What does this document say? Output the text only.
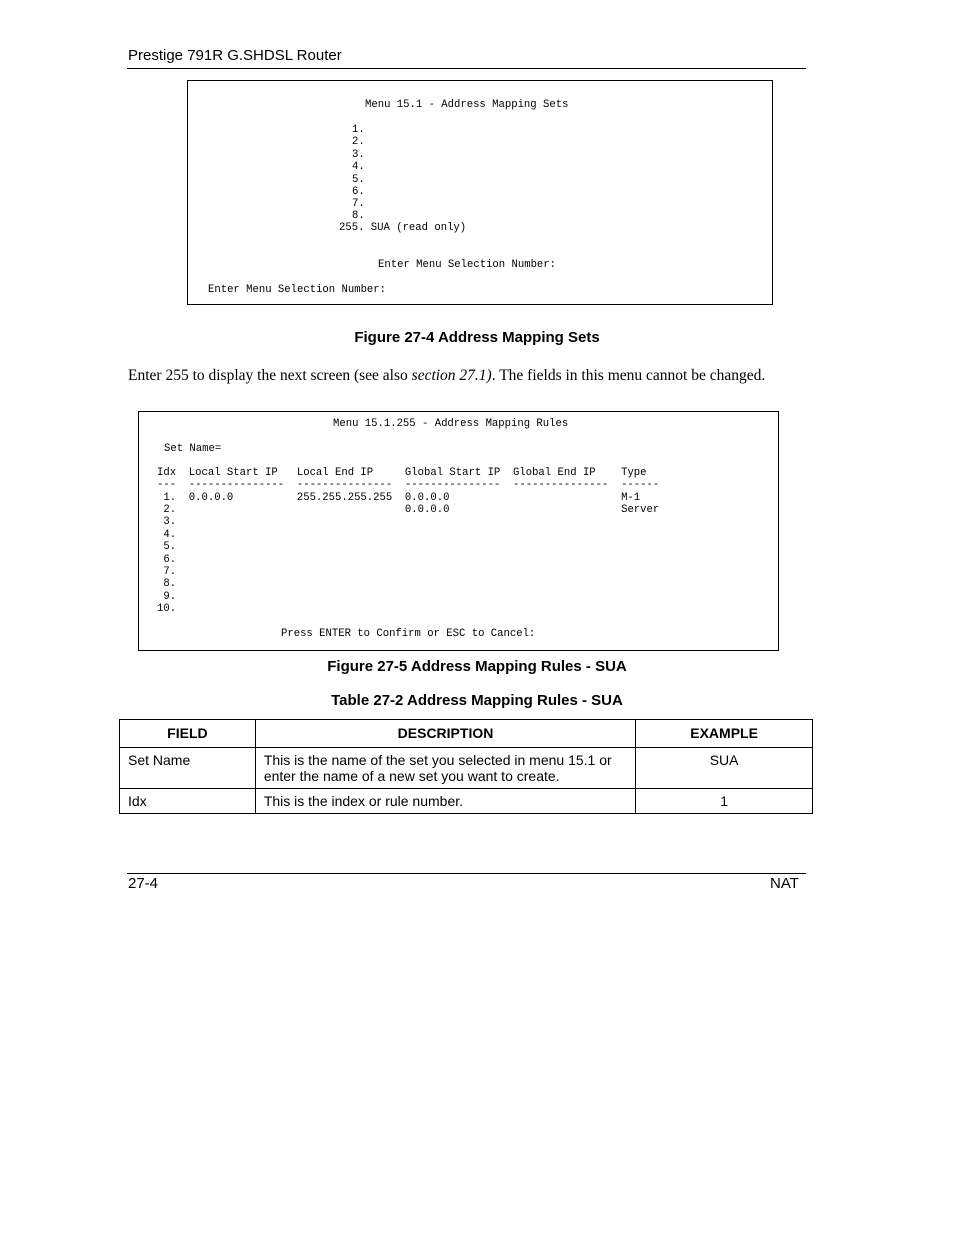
Prestige 791R G.SHDSL Router
Menu 15.1 - Address Mapping Sets
1.
2.
3.
4.
5.
6.
7.
8.
255. SUA (read only)
Enter Menu Selection Number:
Enter Menu Selection Number:
Figure 27-4 Address Mapping Sets
Enter 255 to display the next screen (see also section 27.1). The fields in this menu cannot be changed.
Menu 15.1.255 - Address Mapping Rules
Set Name=
Idx  Local Start IP   Local End IP     Global Start IP  Global End IP    Type
---  ---------------  ---------------  ---------------  ---------------  ------
1.  0.0.0.0          255.255.255.255  0.0.0.0                           M-1
2.                                    0.0.0.0                           Server
3.
4.
5.
6.
7.
8.
9.
10.
Press ENTER to Confirm or ESC to Cancel:
Figure 27-5 Address Mapping Rules - SUA
Table 27-2 Address Mapping Rules - SUA
FIELD	DESCRIPTION	EXAMPLE
Set Name	This is the name of the set you selected in menu 15.1 or enter the name of a new set you want to create.	SUA
Idx	This is the index or rule number.	1
27-4	NAT
